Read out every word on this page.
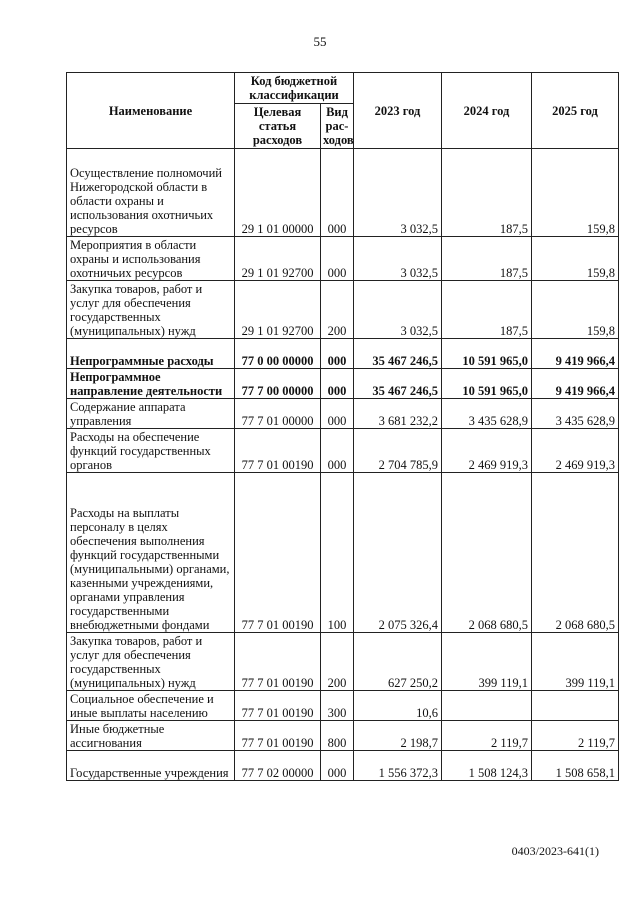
55
Наименование	Код бюджетной классификации		2023 год	2024 год	2025 год
	Целевая статья расходов	Вид рас-ходов			
Осуществление полномочий Нижегородской области в области охраны и использования охотничьих ресурсов	29 1 01 00000	000	3 032,5	187,5	159,8
Мероприятия в области охраны и использования охотничьих ресурсов	29 1 01 92700	000	3 032,5	187,5	159,8
Закупка товаров, работ и услуг для обеспечения государственных (муниципальных) нужд	29 1 01 92700	200	3 032,5	187,5	159,8
Непрограммные расходы	77 0 00 00000	000	35 467 246,5	10 591 965,0	9 419 966,4
Непрограммное направление деятельности	77 7 00 00000	000	35 467 246,5	10 591 965,0	9 419 966,4
Содержание аппарата управления	77 7 01 00000	000	3 681 232,2	3 435 628,9	3 435 628,9
Расходы на обеспечение функций государственных органов	77 7 01 00190	000	2 704 785,9	2 469 919,3	2 469 919,3
Расходы на выплаты персоналу в целях обеспечения выполнения функций государственными (муниципальными) органами, казенными учреждениями, органами управления государственными внебюджетными фондами	77 7 01 00190	100	2 075 326,4	2 068 680,5	2 068 680,5
Закупка товаров, работ и услуг для обеспечения государственных (муниципальных) нужд	77 7 01 00190	200	627 250,2	399 119,1	399 119,1
Социальное обеспечение и иные выплаты населению	77 7 01 00190	300	10,6		
Иные бюджетные ассигнования	77 7 01 00190	800	2 198,7	2 119,7	2 119,7
Государственные учреждения	77 7 02 00000	000	1 556 372,3	1 508 124,3	1 508 658,1
0403/2023-641(1)
